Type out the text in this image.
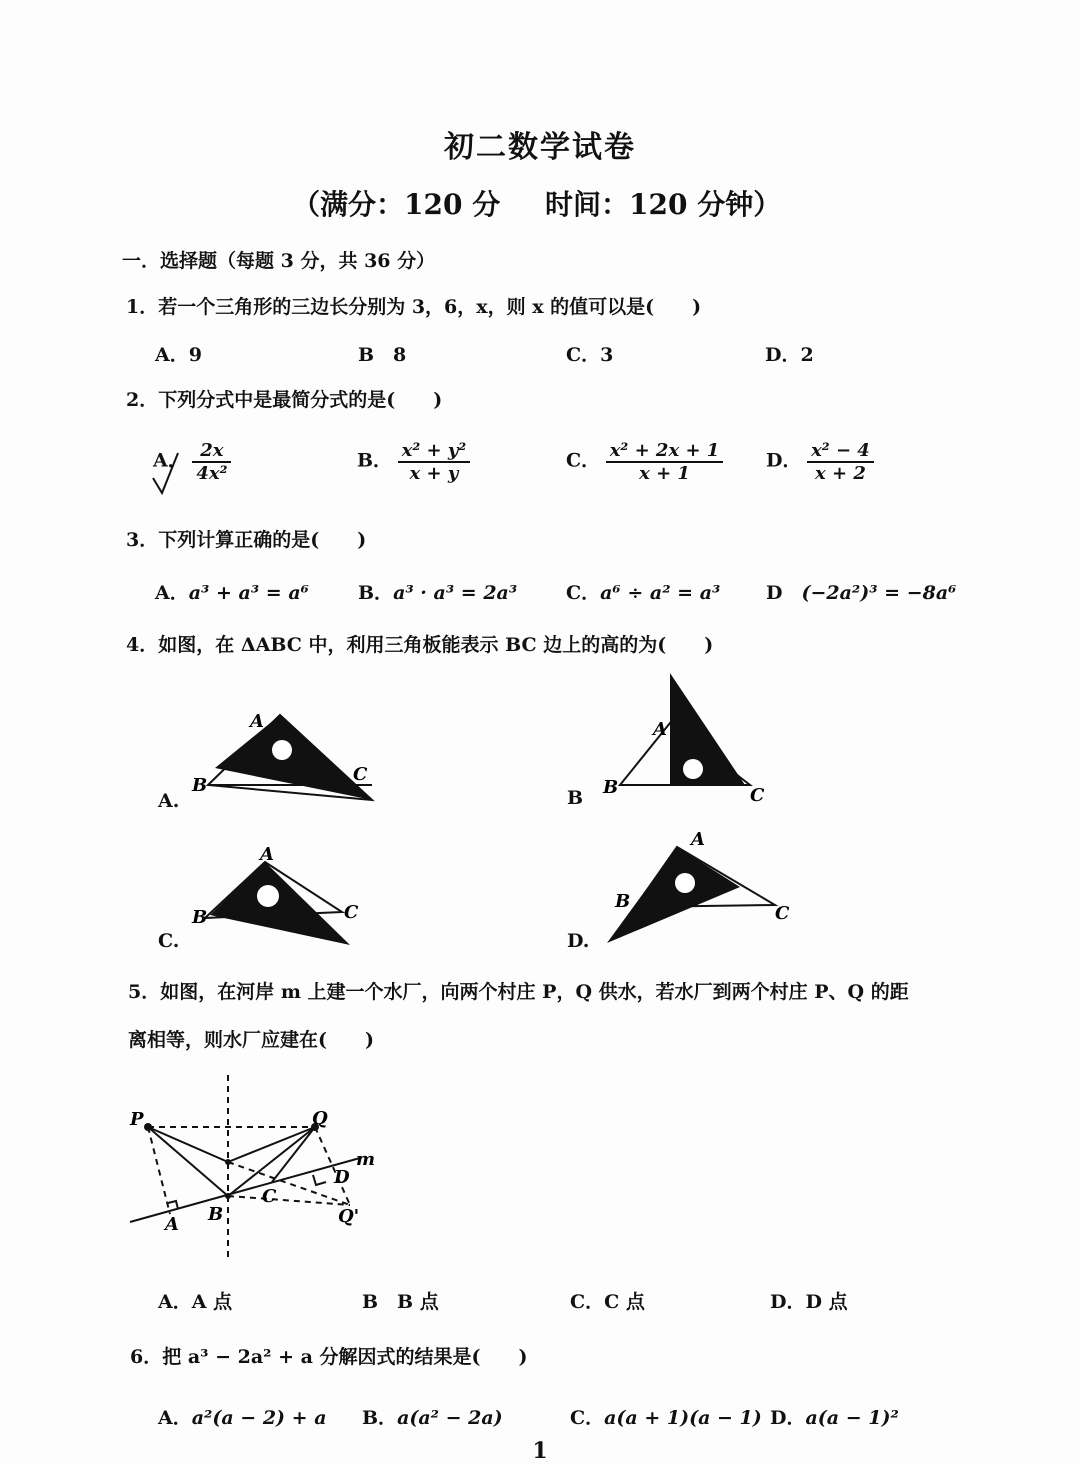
初二数学试卷
（满分：120 分 时间：120 分钟）
一．选择题（每题 3 分，共 36 分）
1．若一个三角形的三边长分别为 3，6，x，则 x 的值可以是(　　)
A．9	B　8	C．3	D．2
2．下列分式中是最简分式的是(　　)
A． $\frac{2x}{\text{4x²}}$	B． $\frac{\text{x² + y²}}{x + y}$	C． $\frac{\text{x² + 2x + 1}}{x + 1}$ D． $\frac{\text{x² − 4}}{x + 2}$
3．下列计算正确的是(　　)
A．a³ + a³ = a⁶	B．a³ · a³ = 2a³	C．a⁶ ÷ a² = a³ D　(−2a²)³ = −8a⁶
4．如图，在 ΔABC 中，利用三角板能表示 BC 边上的高的为(　　)
A
B
C
A.
A
B	C
B
A
B	C
C.
A
B
C
D.
5．如图，在河岸 m 上建一个水厂，向两个村庄 P，Q 供水，若水厂到两个村庄 P、Q 的距
离相等，则水厂应建在(　　)
P	Q
m
A B
C
D
Q'
A．A 点	B　B 点	C．C 点	D．D 点
6．把 a³ − 2a² + a 分解因式的结果是(　　)
A．a²(a − 2) + a B．a(a² − 2a)	C．a(a + 1)(a − 1) D．a(a − 1)²
1
